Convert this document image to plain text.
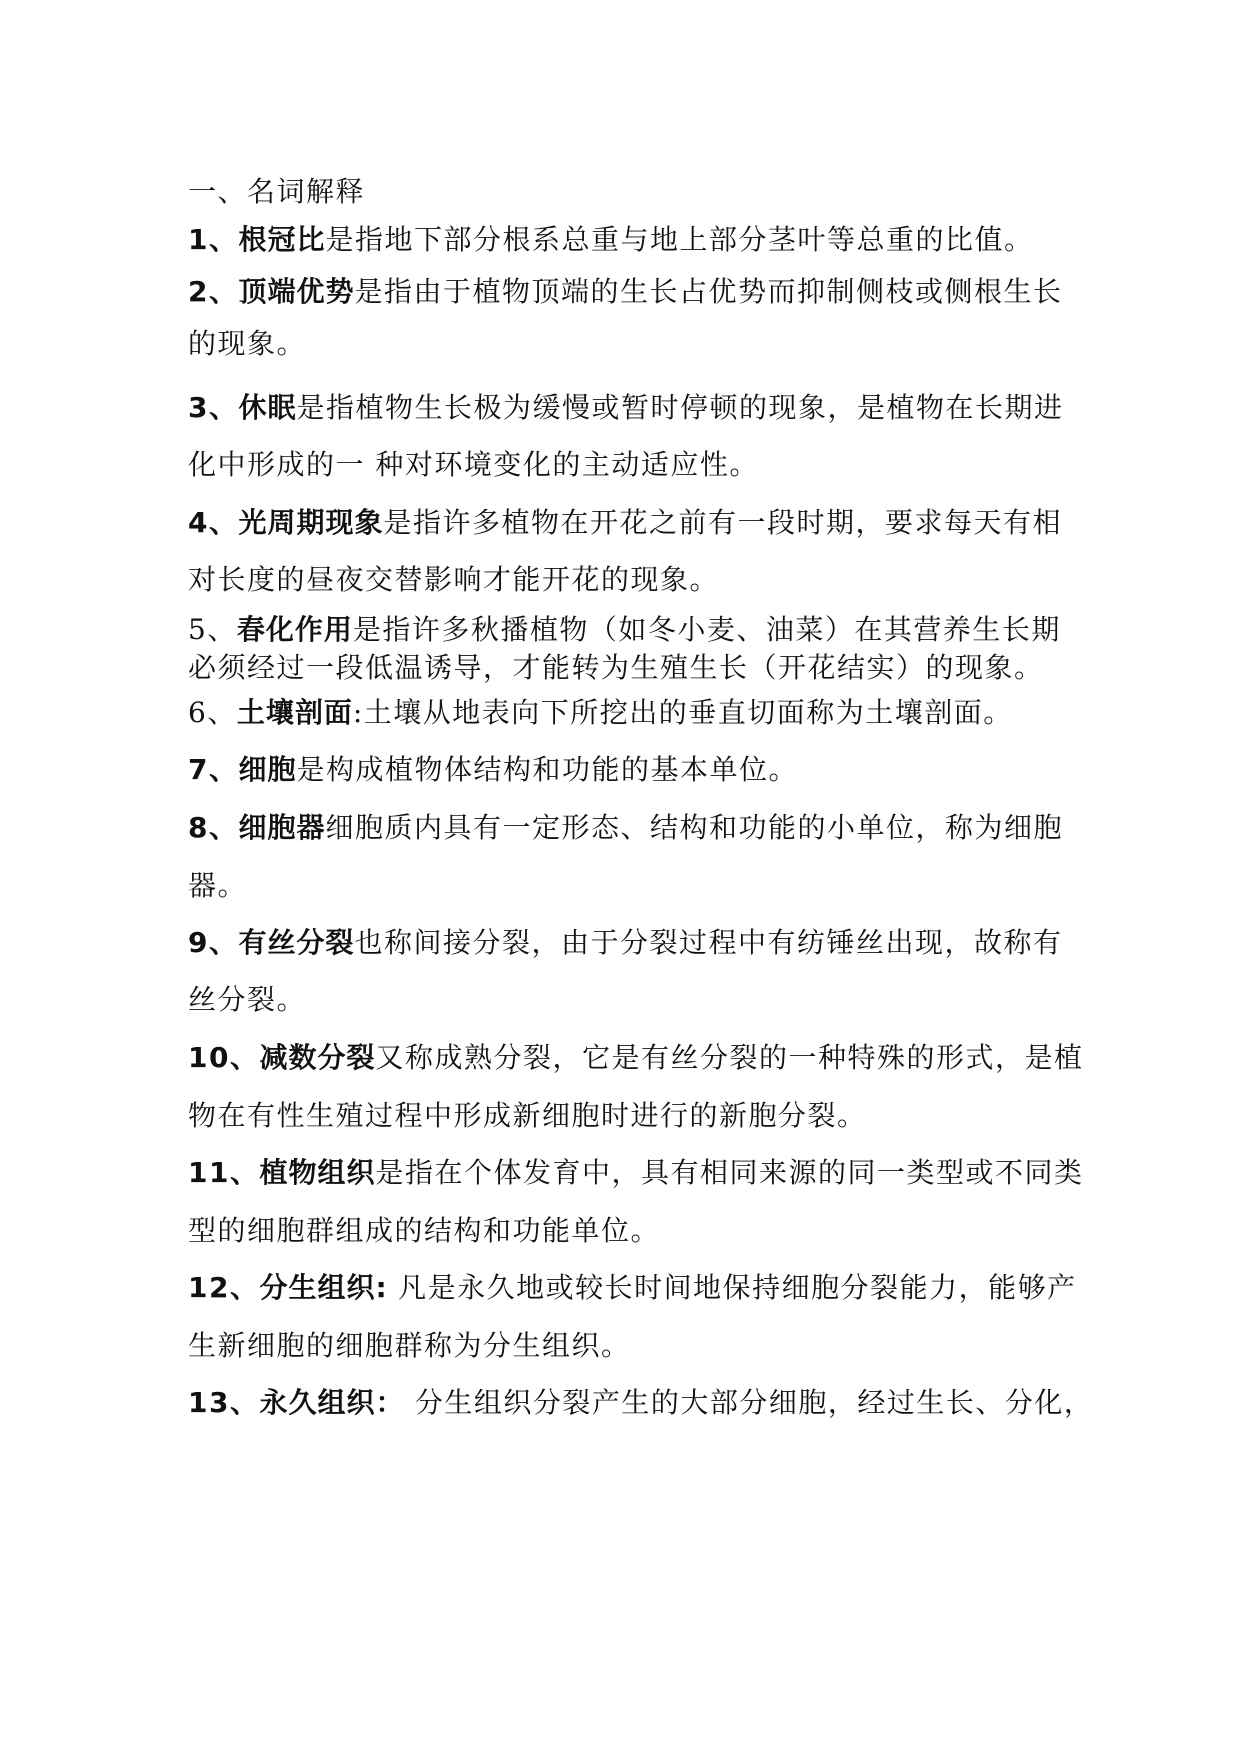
一、名词解释
1、根冠比是指地下部分根系总重与地上部分茎叶等总重的比值。
2、顶端优势是指由于植物顶端的生长占优势而抑制侧枝或侧根生长
的现象。
3、休眠是指植物生长极为缓慢或暂时停顿的现象，是植物在长期进
化中形成的一 种对环境变化的主动适应性。
4、光周期现象是指许多植物在开花之前有一段时期，要求每天有相
对长度的昼夜交替影响才能开花的现象。
5、春化作用是指许多秋播植物（如冬小麦、油菜）在其营养生长期
必须经过一段低温诱导，才能转为生殖生长（开花结实）的现象。
6、土壤剖面:土壤从地表向下所挖出的垂直切面称为土壤剖面。
7、细胞是构成植物体结构和功能的基本单位。
8、细胞器细胞质内具有一定形态、结构和功能的小单位，称为细胞
器。
9、有丝分裂也称间接分裂，由于分裂过程中有纺锤丝出现，故称有
丝分裂。
10、减数分裂又称成熟分裂，它是有丝分裂的一种特殊的形式，是植
物在有性生殖过程中形成新细胞时进行的新胞分裂。
11、植物组织是指在个体发育中，具有相同来源的同一类型或不同类
型的细胞群组成的结构和功能单位。
12、分生组织: 凡是永久地或较长时间地保持细胞分裂能力，能够产
生新细胞的细胞群称为分生组织。
13、永久组织： 分生组织分裂产生的大部分细胞，经过生长、分化，
